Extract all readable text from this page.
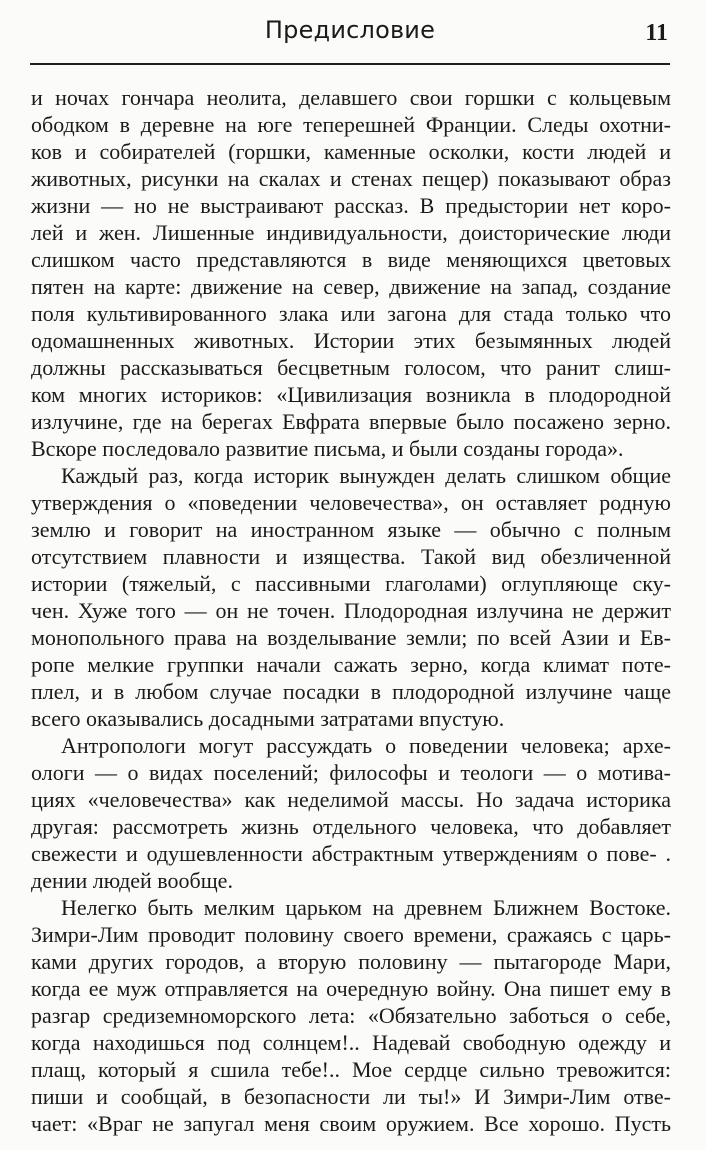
Предисловие	11
и ночах гончара неолита, делавшего свои горшки с кольцевым
ободком в деревне на юге теперешней Франции. Следы охотни-
ков и собирателей (горшки, каменные осколки, кости людей и
животных, рисунки на скалах и стенах пещер) показывают образ
жизни — но не выстраивают рассказ. В предыстории нет коро-
лей и жен. Лишенные индивидуальности, доисторические люди
слишком часто представляются в виде меняющихся цветовых
пятен на карте: движение на север, движение на запад, создание
поля культивированного злака или загона для стада только что
одомашненных животных. Истории этих безымянных людей
должны рассказываться бесцветным голосом, что ранит слиш-
ком многих историков: «Цивилизация возникла в плодородной
излучине, где на берегах Евфрата впервые было посажено зерно.
Вскоре последовало развитие письма, и были созданы города».
Каждый раз, когда историк вынужден делать слишком общие
утверждения о «поведении человечества», он оставляет родную
землю и говорит на иностранном языке — обычно с полным
отсутствием плавности и изящества. Такой вид обезличенной
истории (тяжелый, с пассивными глаголами) оглупляюще ску-
чен. Хуже того — он не точен. Плодородная излучина не держит
монопольного права на возделывание земли; по всей Азии и Ев-
ропе мелкие группки начали сажать зерно, когда климат поте-
плел, и в любом случае посадки в плодородной излучине чаще
всего оказывались досадными затратами впустую.
Антропологи могут рассуждать о поведении человека; архе-
ологи — о видах поселений; философы и теологи — о мотива-
циях «человечества» как неделимой массы. Но задача историка
другая: рассмотреть жизнь отдельного человека, что добавляет
свежести и одушевленности абстрактным утверждениям о пове- .
дении людей вообще.
Нелегко быть мелким царьком на древнем Ближнем Востоке.
Зимри-Лим проводит половину своего времени, сражаясь с царь-
ками других городов, а вторую половину — пытагороде Мари,
когда ее муж отправляется на очередную войну. Она пишет ему в
разгар средиземноморского лета: «Обязательно заботься о себе,
когда находишься под солнцем!.. Надевай свободную одежду и
плащ, который я сшила тебе!.. Мое сердце сильно тревожится:
пиши и сообщай, в безопасности ли ты!» И Зимри-Лим отве-
чает: «Враг не запугал меня своим оружием. Все хорошо. Пусть
